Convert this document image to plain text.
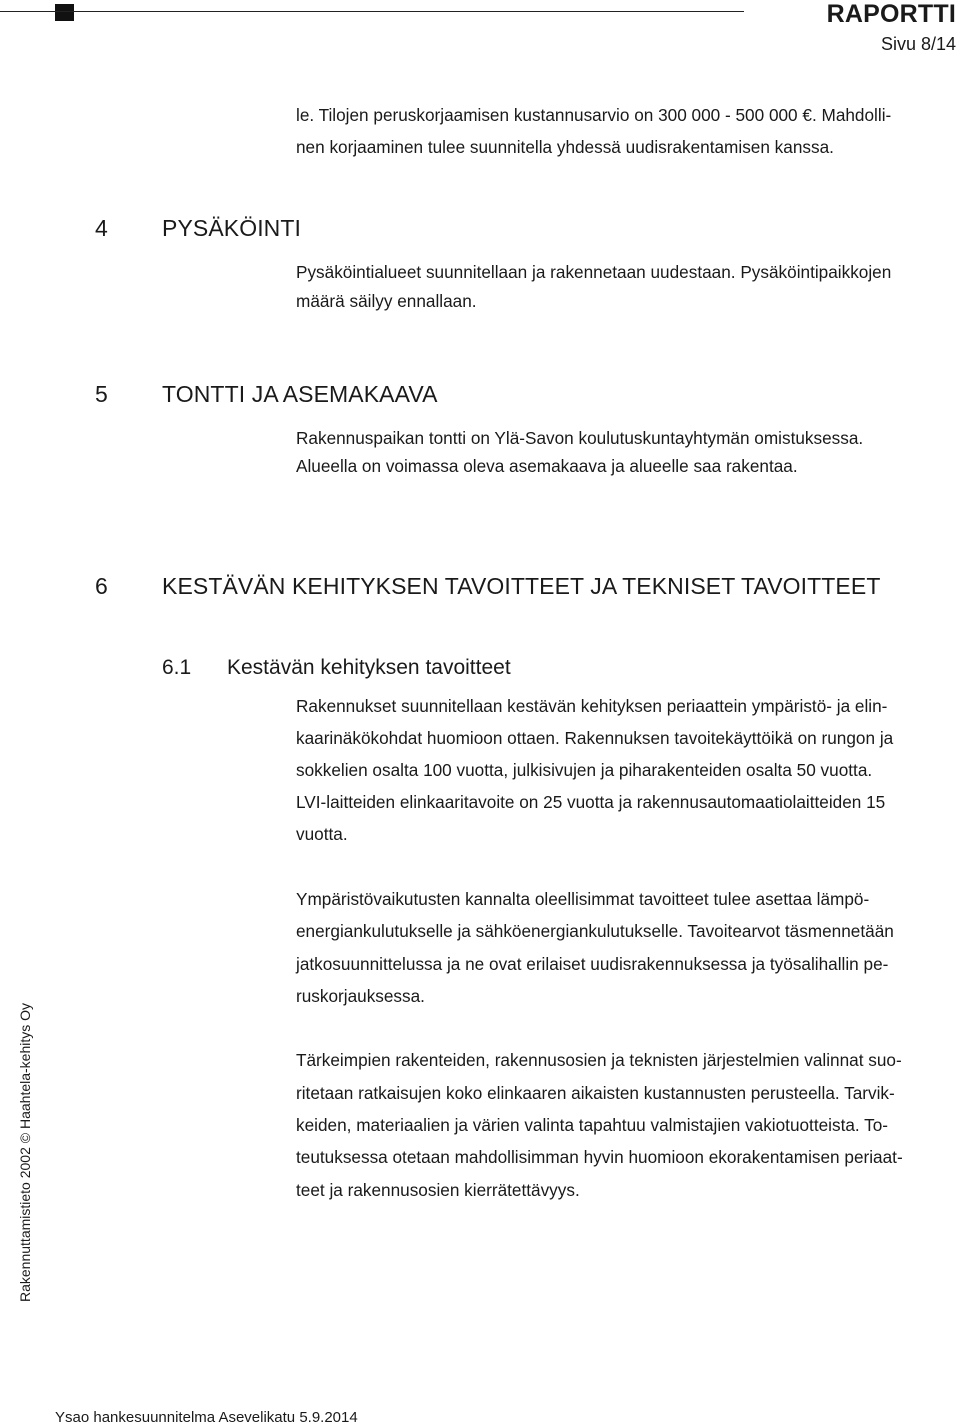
RAPORTTI
Sivu 8/14
le. Tilojen peruskorjaamisen kustannusarvio on 300 000 - 500 000 €. Mahdolli-
nen korjaaminen tulee suunnitella yhdessä uudisrakentamisen kanssa.
4 PYSÄKÖINTI
Pysäköintialueet suunnitellaan ja rakennetaan uudestaan. Pysäköintipaikkojen
määrä säilyy ennallaan.
5 TONTTI JA ASEMAKAAVA
Rakennuspaikan tontti on Ylä-Savon koulutuskuntayhtymän omistuksessa.
Alueella on voimassa oleva asemakaava ja alueelle saa rakentaa.
6 KESTÄVÄN KEHITYKSEN TAVOITTEET JA TEKNISET TAVOITTEET
6.1 Kestävän kehityksen tavoitteet
Rakennukset suunnitellaan kestävän kehityksen periaattein ympäristö- ja elin-
kaarinäkökohdat huomioon ottaen. Rakennuksen tavoitekäyttöikä on rungon ja
sokkelien osalta 100 vuotta, julkisivujen ja piharakenteiden osalta 50 vuotta.
LVI-laitteiden elinkaaritavoite on 25 vuotta ja rakennusautomaatiolaitteiden 15
vuotta.
Ympäristövaikutusten kannalta oleellisimmat tavoitteet tulee asettaa lämpö-
energiankulutukselle ja sähköenergiankulutukselle. Tavoitearvot täsmennetään
jatkosuunnittelussa ja ne ovat erilaiset uudisrakennuksessa ja työsalihallin pe-
ruskorjauksessa.
Tärkeimpien rakenteiden, rakennusosien ja teknisten järjestelmien valinnat suo-
ritetaan ratkaisujen koko elinkaaren aikaisten kustannusten perusteella. Tarvik-
keiden, materiaalien ja värien valinta tapahtuu valmistajien vakiotuotteista. To-
teutuksessa otetaan mahdollisimman hyvin huomioon ekorakentamisen periaat-
teet ja rakennusosien kierrätettävyys.
Rakennuttamistieto 2002 © Haahtela-kehitys Oy
Ysao hankesuunnitelma Asevelikatu 5.9.2014
